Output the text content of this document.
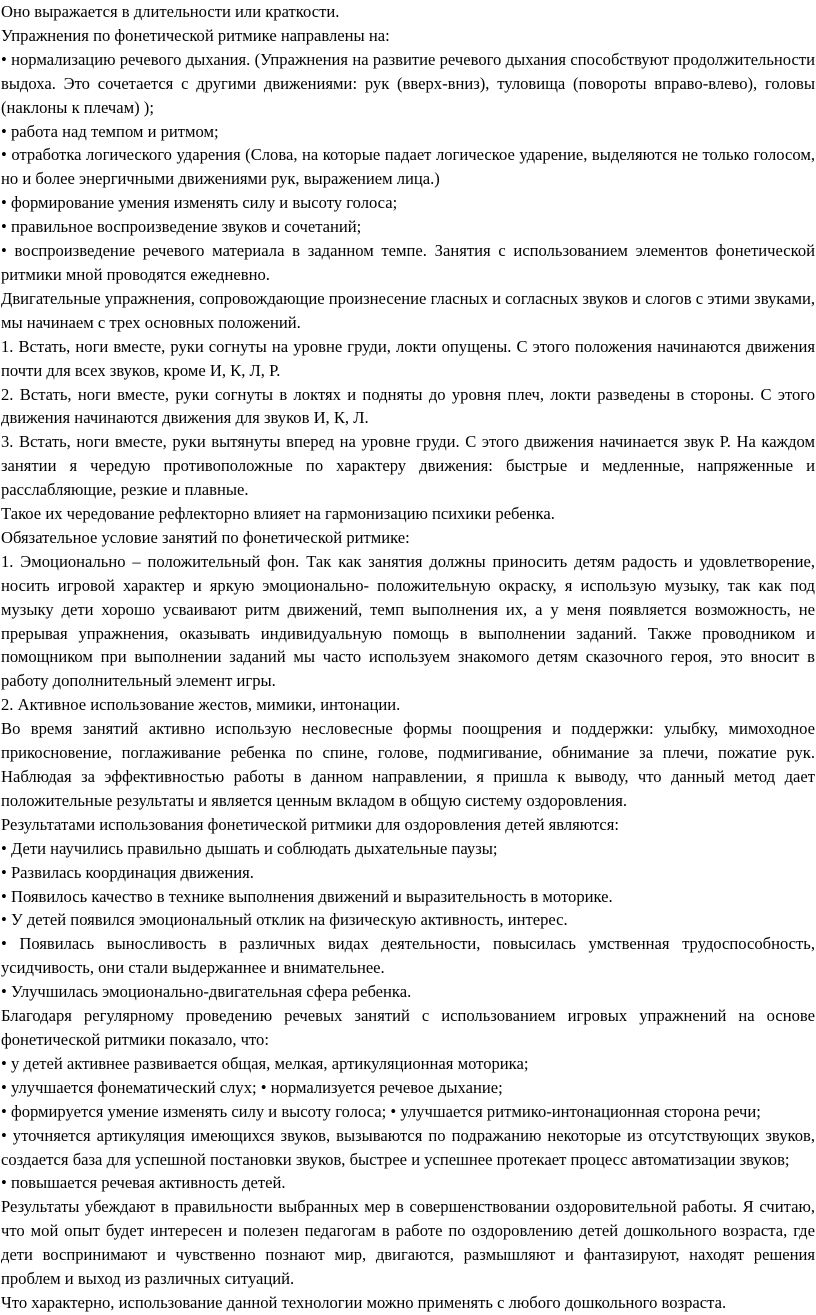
Оно выражается в длительности или краткости.

Упражнения по фонетической ритмике направлены на:

• нормализацию речевого дыхания. (Упражнения на развитие речевого дыхания способствуют продолжительности выдоха. Это сочетается с другими движениями: рук (вверх-вниз), туловища (повороты вправо-влево), головы (наклоны к плечам) );

• работа над темпом и ритмом;

• отработка логического ударения (Слова, на которые падает логическое ударение, выделяются не только голосом, но и более энергичными движениями рук, выражением лица.)

• формирование умения изменять силу и высоту голоса;

• правильное воспроизведение звуков и сочетаний;

• воспроизведение речевого материала в заданном темпе. Занятия с использованием элементов фонетической ритмики мной проводятся ежедневно.

Двигательные упражнения, сопровождающие произнесение гласных и согласных звуков и слогов с этими звуками, мы начинаем с трех основных положений.

1. Встать, ноги вместе, руки согнуты на уровне груди, локти опущены. С этого положения начинаются движения почти для всех звуков, кроме И, К, Л, Р.

2. Встать, ноги вместе, руки согнуты в локтях и подняты до уровня плеч, локти разведены в стороны. С этого движения начинаются движения для звуков И, К, Л.

3. Встать, ноги вместе, руки вытянуты вперед на уровне груди. С этого движения начинается звук Р. На каждом занятии я чередую противоположные по характеру движения: быстрые и медленные, напряженные и расслабляющие, резкие и плавные.

Такое их чередование рефлекторно влияет на гармонизацию психики ребенка.

Обязательное условие занятий по фонетической ритмике:

1. Эмоционально – положительный фон. Так как занятия должны приносить детям радость и удовлетворение, носить игровой характер и яркую эмоционально- положительную окраску, я использую музыку, так как под музыку дети хорошо усваивают ритм движений, темп выполнения их, а у меня появляется возможность, не прерывая упражнения, оказывать индивидуальную помощь в выполнении заданий. Также проводником и помощником при выполнении заданий мы часто используем знакомого детям сказочного героя, это вносит в работу дополнительный элемент игры.

2. Активное использование жестов, мимики, интонации.

Во время занятий активно использую несловесные формы поощрения и поддержки: улыбку, мимоходное прикосновение, поглаживание ребенка по спине, голове, подмигивание, обнимание за плечи, пожатие рук. Наблюдая за эффективностью работы в данном направлении, я пришла к выводу, что данный метод дает положительные результаты и является ценным вкладом в общую систему оздоровления.

Результатами использования фонетической ритмики для оздоровления детей являются:

• Дети научились правильно дышать и соблюдать дыхательные паузы;

• Развилась координация движения.

• Появилось качество в технике выполнения движений и выразительность в моторике.

• У детей появился эмоциональный отклик на физическую активность, интерес.

• Появилась выносливость в различных видах деятельности, повысилась умственная трудоспособность, усидчивость, они стали выдержаннее и внимательнее.

• Улучшилась эмоционально-двигательная сфера ребенка.

Благодаря регулярному проведению речевых занятий с использованием игровых упражнений на основе фонетической ритмики показало, что:

• у детей активнее развивается общая, мелкая, артикуляционная моторика;

• улучшается фонематический слух; • нормализуется речевое дыхание;

• формируется умение изменять силу и высоту голоса; • улучшается ритмико-интонационная сторона речи;

• уточняется артикуляция имеющихся звуков, вызываются по подражанию некоторые из отсутствующих звуков, создается база для успешной постановки звуков, быстрее и успешнее протекает процесс автоматизации звуков;

• повышается речевая активность детей.

Результаты убеждают в правильности выбранных мер в совершенствовании оздоровительной работы. Я считаю, что мой опыт будет интересен и полезен педагогам в работе по оздоровлению детей дошкольного возраста, где дети воспринимают и чувственно познают мир, двигаются, размышляют и фантазируют, находят решения проблем и выход из различных ситуаций.

Что характерно, использование данной технологии можно применять с любого дошкольного возраста.
